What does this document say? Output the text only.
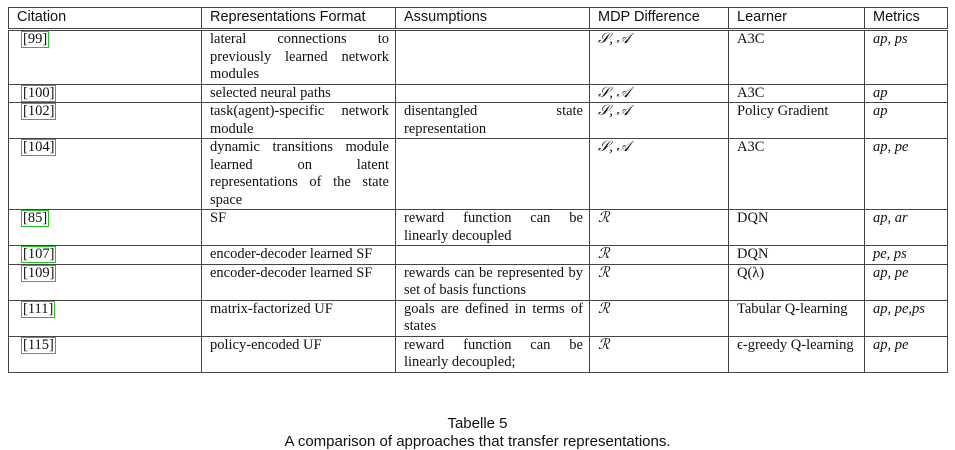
Citation	Representations Format	Assumptions	MDP Difference	Learner	Metrics
[99]	lateral connections to previously learned network modules		𝒮, 𝒜	A3C	ap, ps
[100]	selected neural paths		𝒮, 𝒜	A3C	ap
[102]	task(agent)-specific network module	disentangled state representation	𝒮, 𝒜	Policy Gradient	ap
[104]	dynamic transitions module learned on latent representations of the state space		𝒮, 𝒜	A3C	ap, pe
[85]	SF	reward function can be linearly decoupled	ℛ	DQN	ap, ar
[107]	encoder-decoder learned SF		ℛ	DQN	pe, ps
[109]	encoder-decoder learned SF	rewards can be represented by set of basis functions	ℛ	Q(λ)	ap, pe
[111]	matrix-factorized UF	goals are defined in terms of states	ℛ	Tabular Q-learning	ap, pe,ps
[115]	policy-encoded UF	reward function can be linearly decoupled;	ℛ	ϵ-greedy Q-learning	ap, pe
Tabelle 5
A comparison of approaches that transfer representations.
